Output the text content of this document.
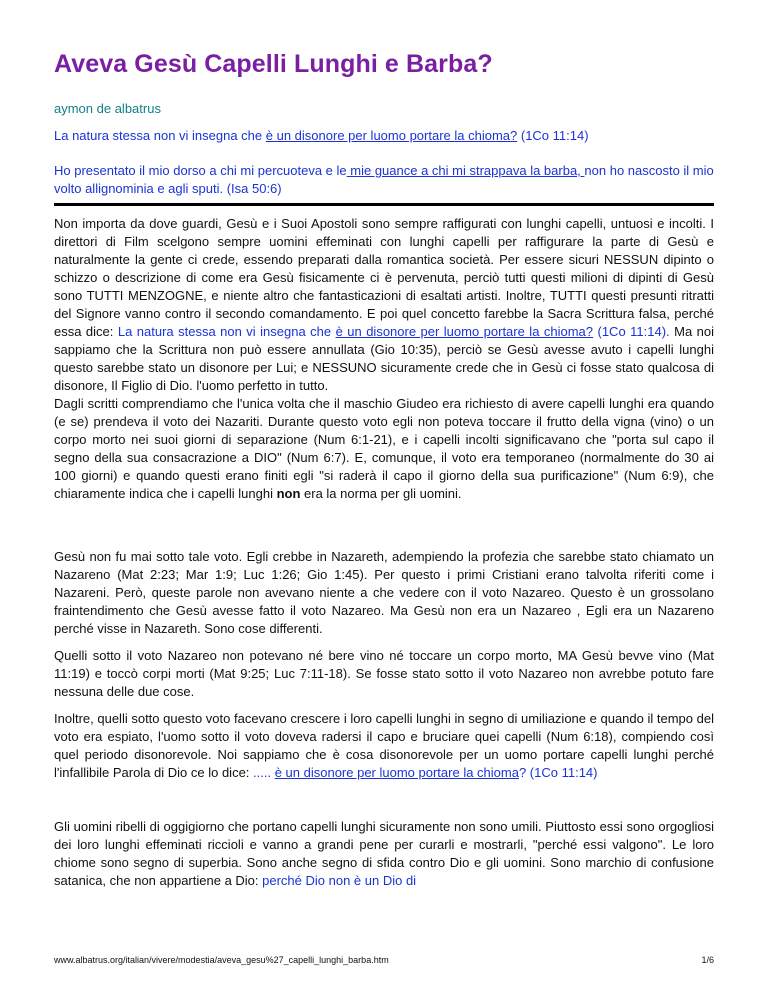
Aveva Gesù Capelli Lunghi e Barba?
aymon de albatrus
La natura stessa non vi insegna che è un disonore per luomo portare la chioma? (1Co 11:14)
Ho presentato il mio dorso a chi mi percuoteva e le mie guance a chi mi strappava la barba, non ho nascosto il mio volto allignominia e agli sputi. (Isa 50:6)

Non importa da dove guardi, Gesù e i Suoi Apostoli sono sempre raffigurati con lunghi capelli, untuosi e incolti. I direttori di Film scelgono sempre uomini effeminati con lunghi capelli per raffigurare la parte di Gesù e naturalmente la gente ci crede, essendo preparati dalla romantica società. Per essere sicuri NESSUN dipinto o schizzo o descrizione di come era Gesù fisicamente ci è pervenuta, perciò tutti questi milioni di dipinti di Gesù sono TUTTI MENZOGNE, e niente altro che fantasticazioni di esaltati artisti. Inoltre, TUTTI questi presunti ritratti del Signore vanno contro il secondo comandamento. E poi quel concetto farebbe la Sacra Scrittura falsa, perché essa dice: La natura stessa non vi insegna che è un disonore per luomo portare la chioma? (1Co 11:14). Ma noi sappiamo che la Scrittura non può essere annullata (Gio 10:35), perciò se Gesù avesse avuto i capelli lunghi questo sarebbe stato un disonore per Lui; e NESSUNO sicuramente crede che in Gesù ci fosse stato qualcosa di disonore, Il Figlio di Dio. l'uomo perfetto in tutto.

Dagli scritti comprendiamo che l'unica volta che il maschio Giudeo era richiesto di avere capelli lunghi era quando (e se) prendeva il voto dei Nazariti. Durante questo voto egli non poteva toccare il frutto della vigna (vino) o un corpo morto nei suoi giorni di separazione (Num 6:1-21), e i capelli incolti significavano che "porta sul capo il segno della sua consacrazione a DIO" (Num 6:7). E, comunque, il voto era temporaneo (normalmente do 30 ai 100 giorni) e quando questi erano finiti egli "si raderà il capo il giorno della sua purificazione" (Num 6:9), che chiaramente indica che i capelli lunghi non era la norma per gli uomini.

Gesù non fu mai sotto tale voto. Egli crebbe in Nazareth, adempiendo la profezia che sarebbe stato chiamato un Nazareno (Mat 2:23; Mar 1:9; Luc 1:26; Gio 1:45). Per questo i primi Cristiani erano talvolta riferiti come i Nazareni. Però, queste parole non avevano niente a che vedere con il voto Nazareo. Questo è un grossolano fraintendimento che Gesù avesse fatto il voto Nazareo. Ma Gesù non era un Nazareo , Egli era un Nazareno perché visse in Nazareth. Sono cose differenti.

Quelli sotto il voto Nazareo non potevano né bere vino né toccare un corpo morto, MA Gesù bevve vino (Mat 11:19) e toccò corpi morti (Mat 9:25; Luc 7:11-18). Se fosse stato sotto il voto Nazareo non avrebbe potuto fare nessuna delle due cose.

Inoltre, quelli sotto questo voto facevano crescere i loro capelli lunghi in segno di umiliazione e quando il tempo del voto era espiato, l'uomo sotto il voto doveva radersi il capo e bruciare quei capelli (Num 6:18), compiendo così quel periodo disonorevole. Noi sappiamo che è cosa disonorevole per un uomo portare capelli lunghi perché l'infallibile Parola di Dio ce lo dice: ..... è un disonore per luomo portare la chioma? (1Co 11:14)

Gli uomini ribelli di oggigiorno che portano capelli lunghi sicuramente non sono umili. Piuttosto essi sono orgogliosi dei loro lunghi effeminati riccioli e vanno a grandi pene per curarli e mostrarli, "perché essi valgono". Le loro chiome sono segno di superbia. Sono anche segno di sfida contro Dio e gli uomini. Sono marchio di confusione satanica, che non appartiene a Dio: perché Dio non è un Dio di

www.albatrus.org/italian/vivere/modestia/aveva_gesu%27_capelli_lunghi_barba.htm	1/6
